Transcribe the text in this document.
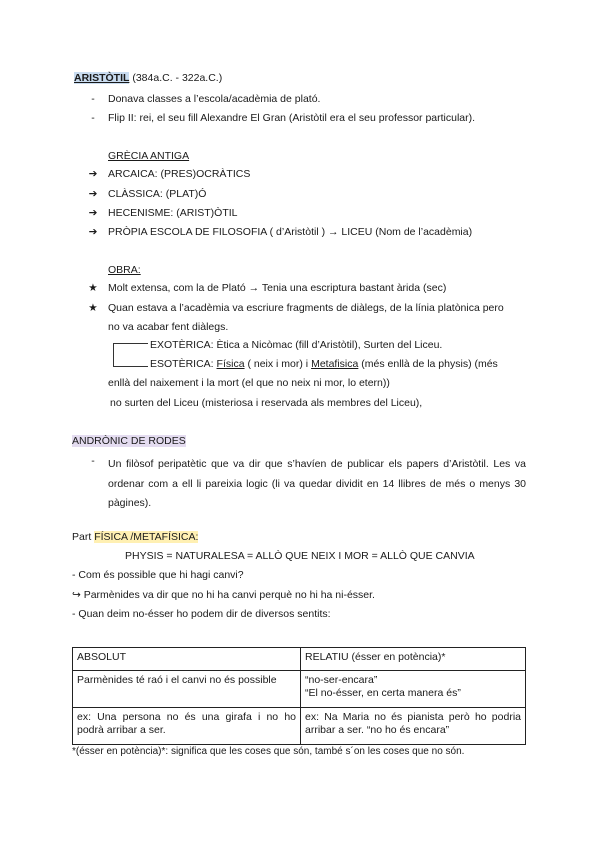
ARISTÒTIL (384a.C. - 322a.C.)
-	Donava classes a l’escola/acadèmia de plató.
-	Flip II: rei, el seu fill Alexandre El Gran (Aristòtil era el seu professor particular).
GRÈCIA ANTIGA
➔ ARCAICA: (PRES)OCRÀTICS
➔ CLÀSSICA: (PLAT)Ó
➔ HECENISME: (ARIST)ÒTIL
➔ PRÒPIA ESCOLA DE FILOSOFIA ( d’Aristòtil ) → LICEU (Nom de l’acadèmia)
OBRA:
★ Molt extensa, com la de Plató → Tenia una escriptura bastant àrida (sec)
★ Quan estava a l’acadèmia va escriure fragments de diàlegs, de la línia platònica pero
no va acabar fent diàlegs.
EXOTÈRICA: Ètica a Nicòmac (fill d’Aristòtil), Surten del Liceu.
ESOTÈRICA: Física ( neix i mor) i Metafisica (més enllà de la physis) (més
enllà del naixement i la mort (el que no neix ni mor, lo etern))
no surten del Liceu (misteriosa i reservada als membres del Liceu),
ANDRÒNIC DE RODES
-	Un filòsof peripatètic que va dir que s’havíen de publicar els papers d’Aristòtil. Les va ordenar com a ell li pareixia logic (li va quedar dividit en 14 llibres de més o menys 30 pàgines).
Part FÍSICA /METAFÍSICA:
PHYSIS = NATURALESA = ALLÒ QUE NEIX I MOR = ALLÒ QUE CANVIA
- Com és possible que hi hagi canvi?
↪ Parmènides va dir que no hi ha canvi perquè no hi ha ni-ésser.
- Quan deim no-ésser ho podem dir de diversos sentits:
ABSOLUT	RELATIU (ésser en potència)*
Parmènides té raó i el canvi no és possible	“no-ser-encara”
“El no-ésser, en certa manera és”

ex: Una persona no és una girafa i no ho podrà arribar a ser.	ex: Na Maria no és pianista però ho podria arribar a ser. “no ho és encara”
*(ésser en potència)*: significa que les coses que són, també s´on les coses que no són.
